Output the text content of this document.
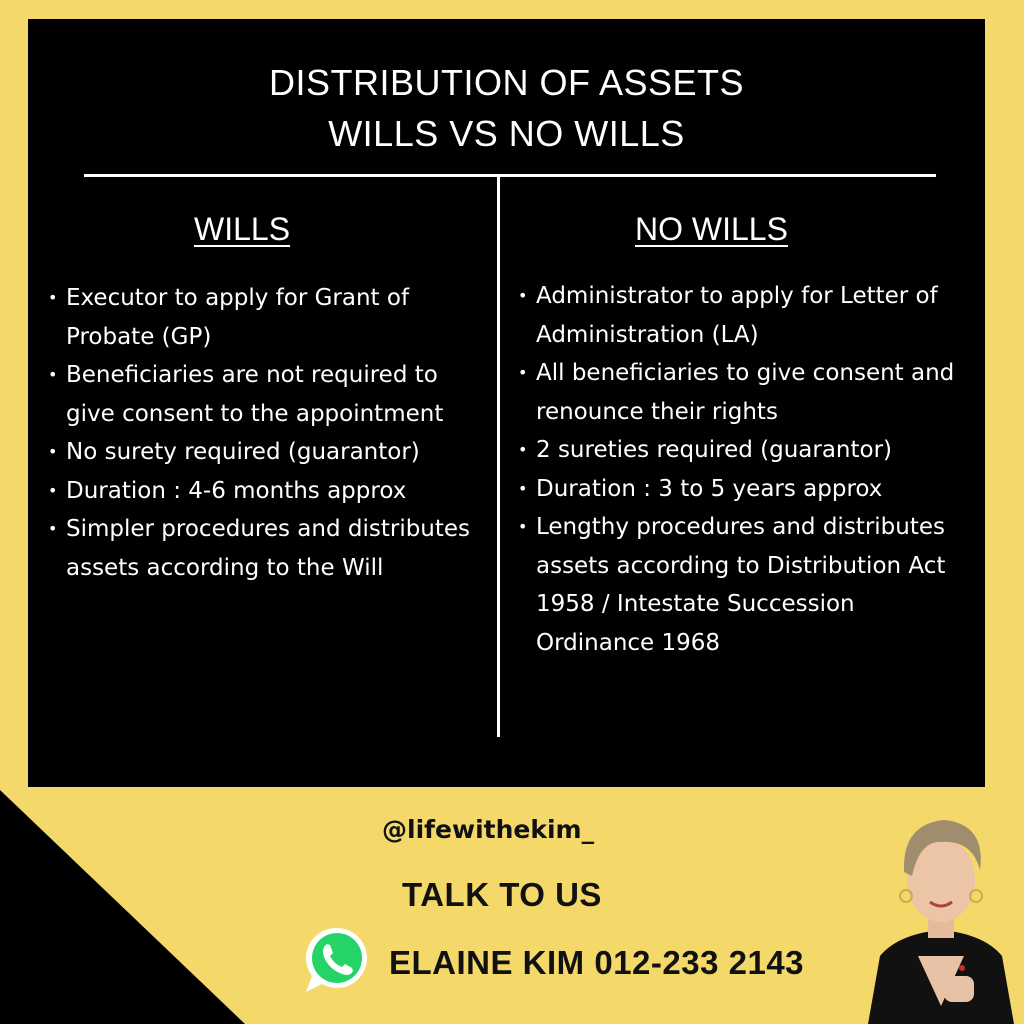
DISTRIBUTION OF ASSETS
WILLS VS NO WILLS
WILLS
• Executor to apply for Grant of Probate (GP)
• Beneficiaries are not required to give consent to the appointment
• No surety required (guarantor)
• Duration : 4-6 months approx
• Simpler procedures and distributes assets according to the Will
NO WILLS
• Administrator to apply for Letter of Administration (LA)
• All beneficiaries to give consent and renounce their rights
• 2 sureties required (guarantor)
• Duration : 3 to 5 years approx
• Lengthy procedures and distributes assets according to Distribution Act 1958 / Intestate Succession Ordinance 1968
@lifewithekim_
TALK TO US
ELAINE KIM 012-233 2143
